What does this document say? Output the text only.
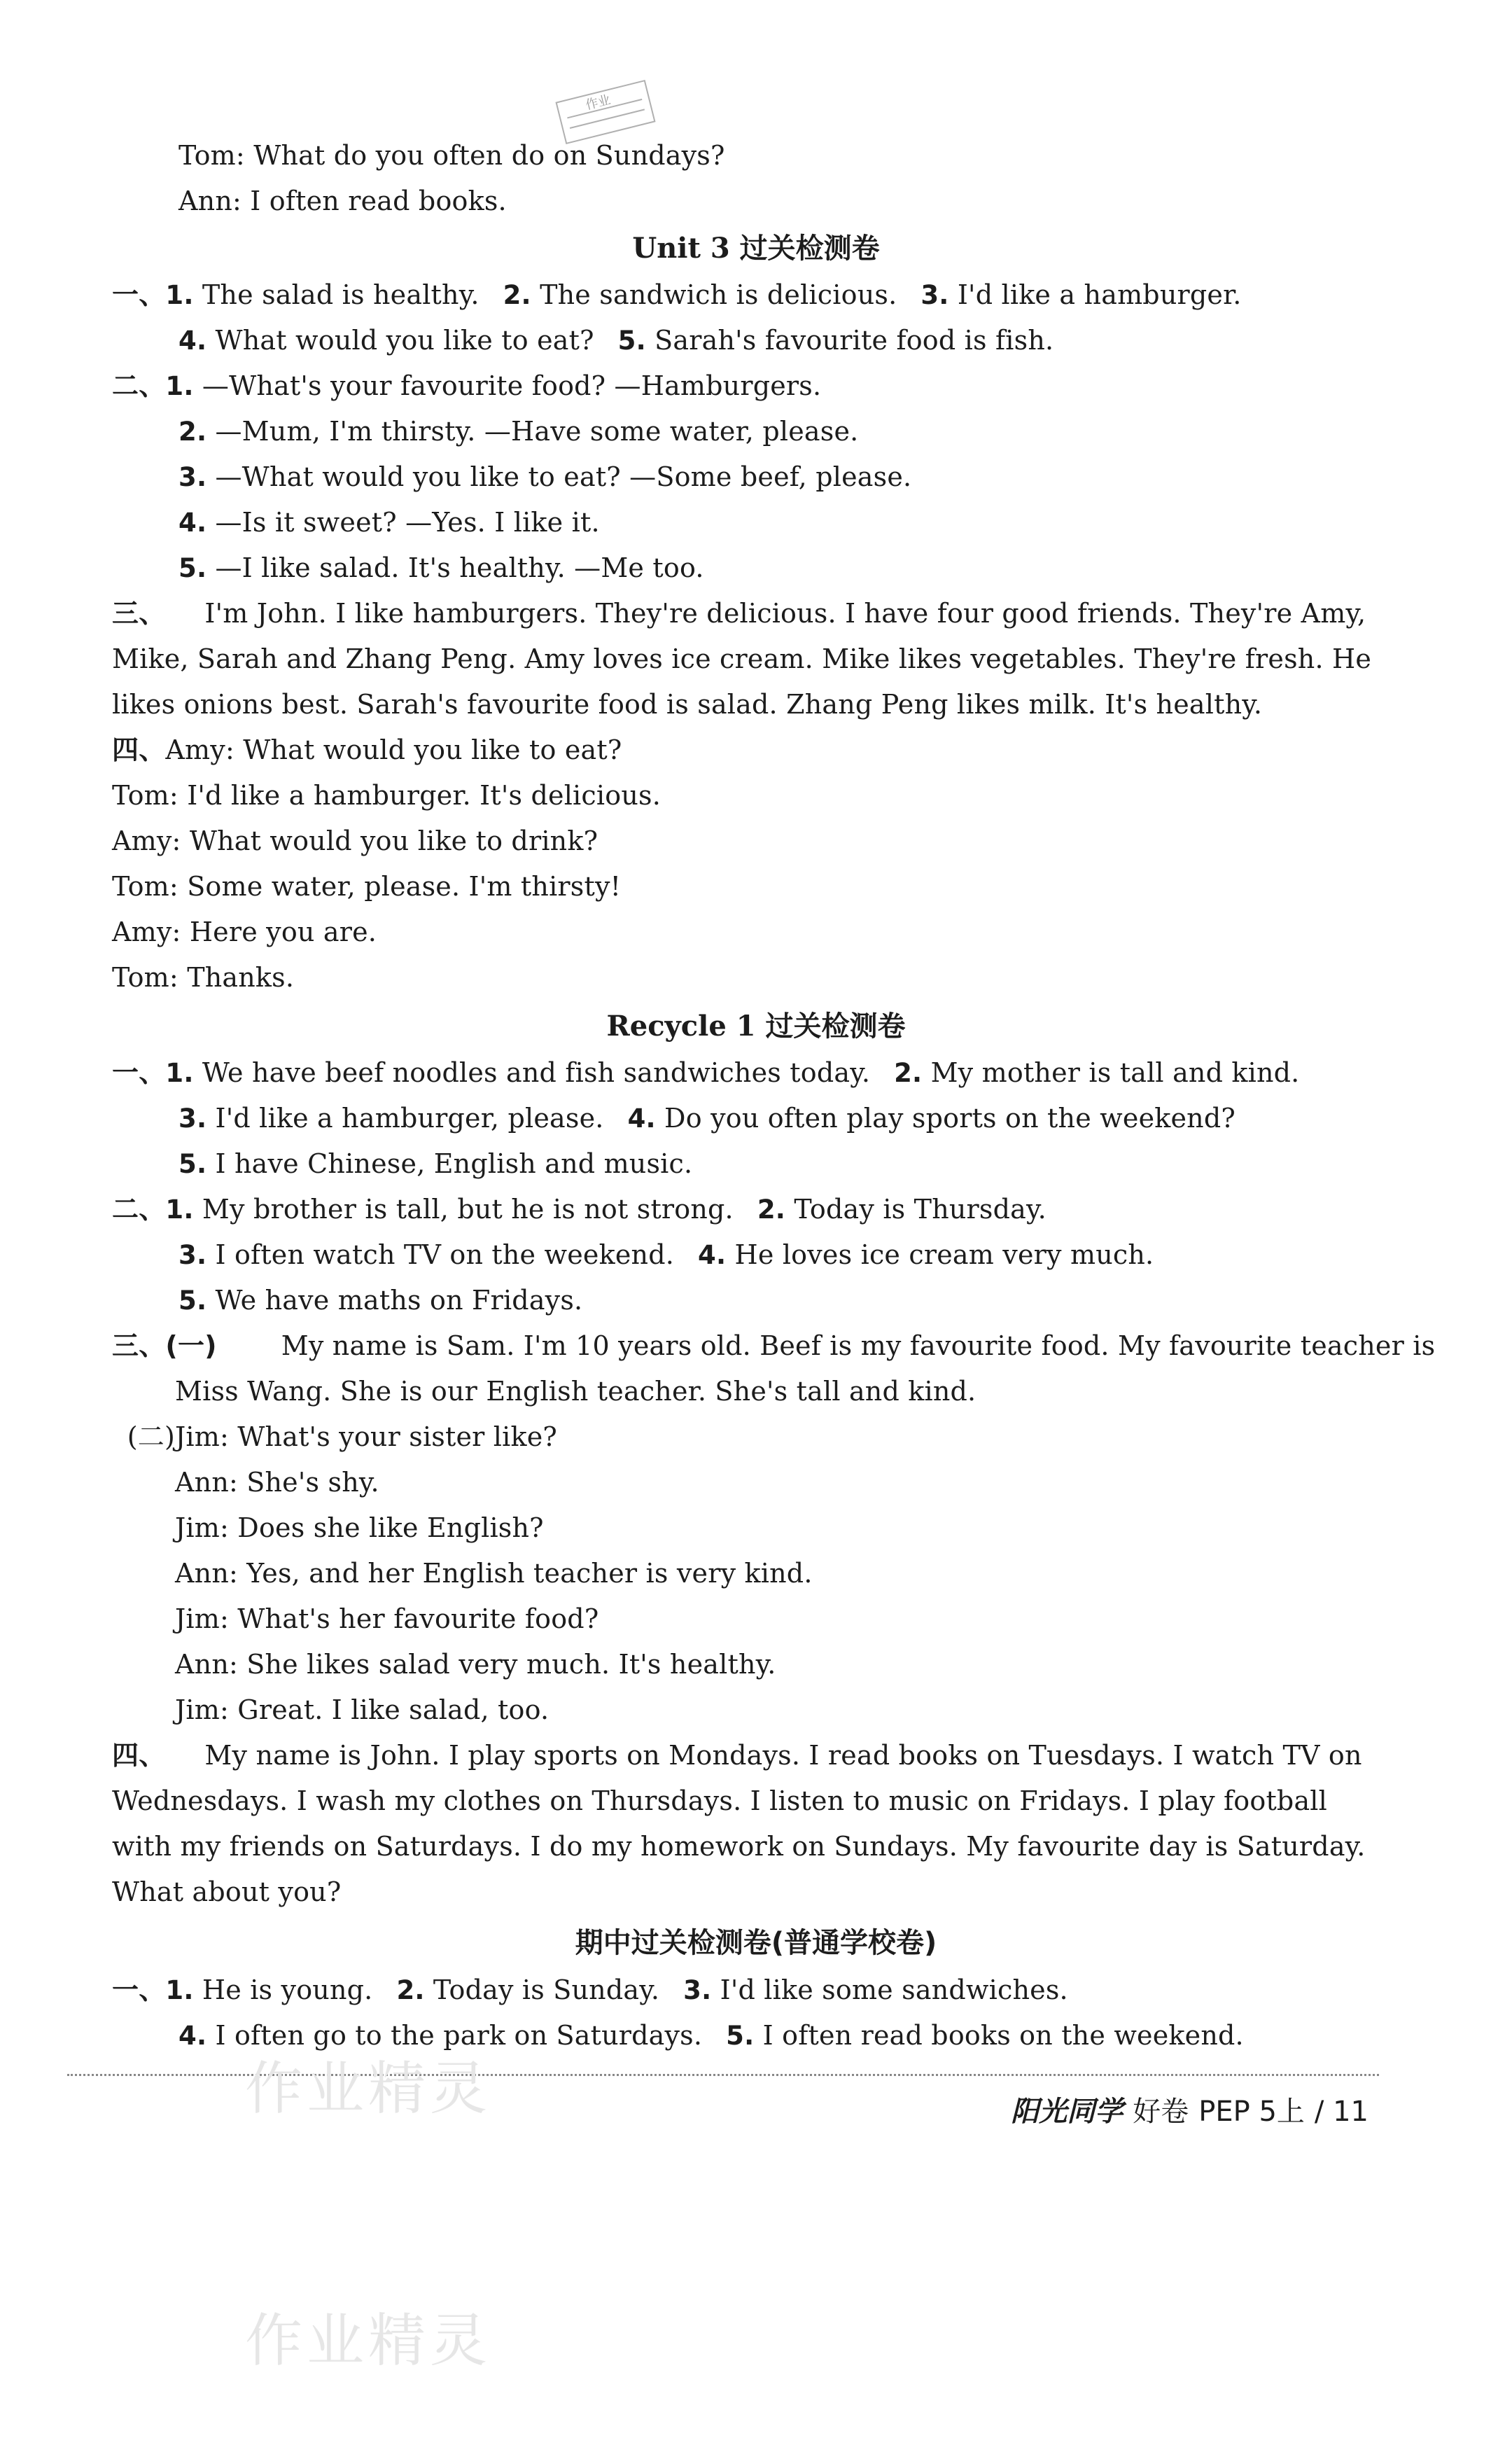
作业
Tom: What do you often do on Sundays?
Ann: I often read books.
Unit 3 过关检测卷
一、1. The salad is healthy. 2. The sandwich is delicious. 3. I'd like a hamburger.
4. What would you like to eat? 5. Sarah's favourite food is fish.
二、1. —What's your favourite food? —Hamburgers.
2. —Mum, I'm thirsty. —Have some water, please.
3. —What would you like to eat? —Some beef, please.
4. —Is it sweet? —Yes. I like it.
5. —I like salad. It's healthy. —Me too.
三、 I'm John. I like hamburgers. They're delicious. I have four good friends. They're Amy,
Mike, Sarah and Zhang Peng. Amy loves ice cream. Mike likes vegetables. They're fresh. He
likes onions best. Sarah's favourite food is salad. Zhang Peng likes milk. It's healthy.
四、Amy: What would you like to eat?
Tom: I'd like a hamburger. It's delicious.
Amy: What would you like to drink?
Tom: Some water, please. I'm thirsty!
Amy: Here you are.
Tom: Thanks.
Recycle 1 过关检测卷
一、1. We have beef noodles and fish sandwiches today. 2. My mother is tall and kind.
3. I'd like a hamburger, please. 4. Do you often play sports on the weekend?
5. I have Chinese, English and music.
二、1. My brother is tall, but he is not strong. 2. Today is Thursday.
3. I often watch TV on the weekend. 4. He loves ice cream very much.
5. We have maths on Fridays.
三、(一) My name is Sam. I'm 10 years old. Beef is my favourite food. My favourite teacher is
Miss Wang. She is our English teacher. She's tall and kind.
(二)Jim: What's your sister like?
Ann: She's shy.
Jim: Does she like English?
Ann: Yes, and her English teacher is very kind.
Jim: What's her favourite food?
Ann: She likes salad very much. It's healthy.
Jim: Great. I like salad, too.
四、 My name is John. I play sports on Mondays. I read books on Tuesdays. I watch TV on
Wednesdays. I wash my clothes on Thursdays. I listen to music on Fridays. I play football
with my friends on Saturdays. I do my homework on Sundays. My favourite day is Saturday.
What about you?
期中过关检测卷(普通学校卷)
一、1. He is young. 2. Today is Sunday. 3. I'd like some sandwiches.
4. I often go to the park on Saturdays. 5. I often read books on the weekend.
作业精灵
作业精灵
阳光同学 好卷 PEP 5上 / 11
